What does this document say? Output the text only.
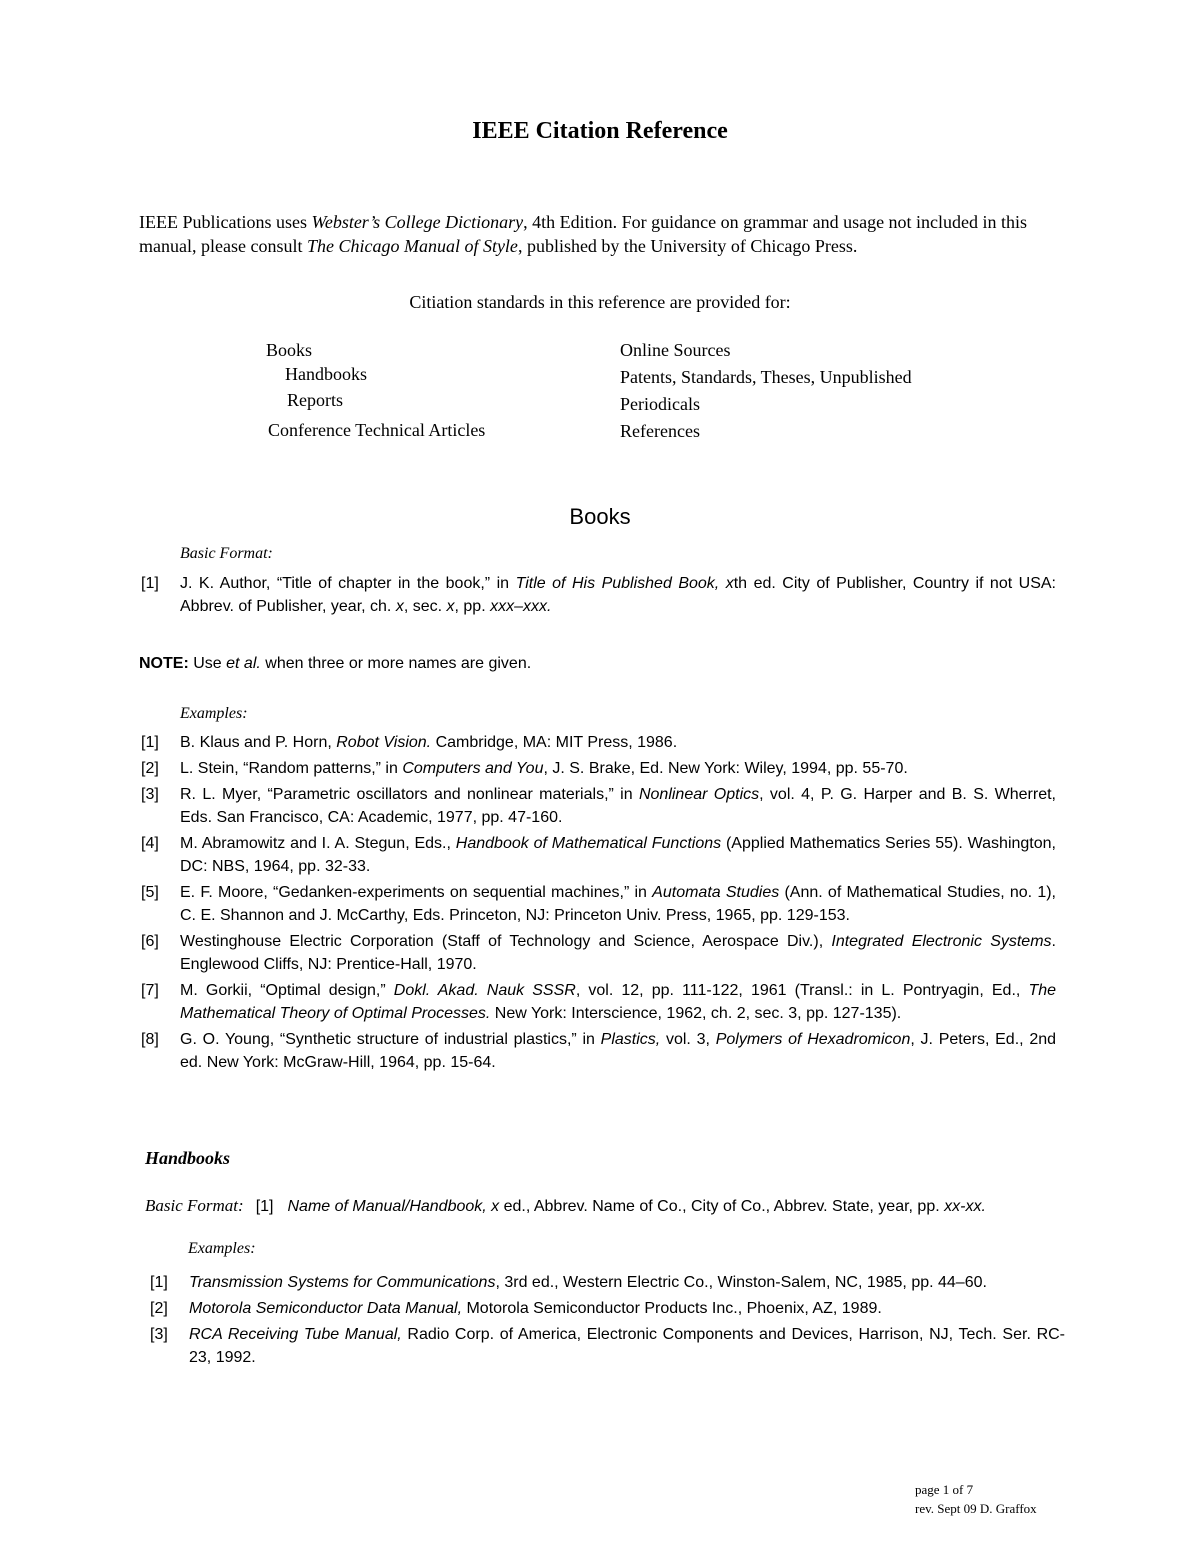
IEEE Citation Reference
IEEE Publications uses Webster’s College Dictionary, 4th Edition. For guidance on grammar and usage not included in this manual, please consult The Chicago Manual of Style, published by the University of Chicago Press.
Citiation standards in this reference are provided for:
Books
Handbooks
Reports
Conference Technical Articles
Online Sources
Patents, Standards, Theses, Unpublished
Periodicals
References
Books
Basic Format:
[1] J. K. Author, “Title of chapter in the book,” in Title of His Published Book, xth ed. City of Publisher, Country if not USA: Abbrev. of Publisher, year, ch. x, sec. x, pp. xxx–xxx.
NOTE: Use et al. when three or more names are given.
Examples:
[1] B. Klaus and P. Horn, Robot Vision. Cambridge, MA: MIT Press, 1986.
[2] L. Stein, “Random patterns,” in Computers and You, J. S. Brake, Ed. New York: Wiley, 1994, pp. 55-70.
[3] R. L. Myer, “Parametric oscillators and nonlinear materials,” in Nonlinear Optics, vol. 4, P. G. Harper and B. S. Wherret, Eds. San Francisco, CA: Academic, 1977, pp. 47-160.
[4] M. Abramowitz and I. A. Stegun, Eds., Handbook of Mathematical Functions (Applied Mathematics Series 55). Washington, DC: NBS, 1964, pp. 32-33.
[5] E. F. Moore, “Gedanken-experiments on sequential machines,” in Automata Studies (Ann. of Mathematical Studies, no. 1), C. E. Shannon and J. McCarthy, Eds. Princeton, NJ: Princeton Univ. Press, 1965, pp. 129-153.
[6] Westinghouse Electric Corporation (Staff of Technology and Science, Aerospace Div.), Integrated Electronic Systems. Englewood Cliffs, NJ: Prentice-Hall, 1970.
[7] M. Gorkii, “Optimal design,” Dokl. Akad. Nauk SSSR, vol. 12, pp. 111-122, 1961 (Transl.: in L. Pontryagin, Ed., The Mathematical Theory of Optimal Processes. New York: Interscience, 1962, ch. 2, sec. 3, pp. 127-135).
[8] G. O. Young, “Synthetic structure of industrial plastics,” in Plastics, vol. 3, Polymers of Hexadromicon, J. Peters, Ed., 2nd ed. New York: McGraw-Hill, 1964, pp. 15-64.
Handbooks
Basic Format: [1] Name of Manual/Handbook, x ed., Abbrev. Name of Co., City of Co., Abbrev. State, year, pp. xx-xx.
Examples:
[1] Transmission Systems for Communications, 3rd ed., Western Electric Co., Winston-Salem, NC, 1985, pp. 44–60.
[2] Motorola Semiconductor Data Manual, Motorola Semiconductor Products Inc., Phoenix, AZ, 1989.
[3] RCA Receiving Tube Manual, Radio Corp. of America, Electronic Components and Devices, Harrison, NJ, Tech. Ser. RC-23, 1992.
page 1 of 7
rev. Sept 09 D. Graffox
